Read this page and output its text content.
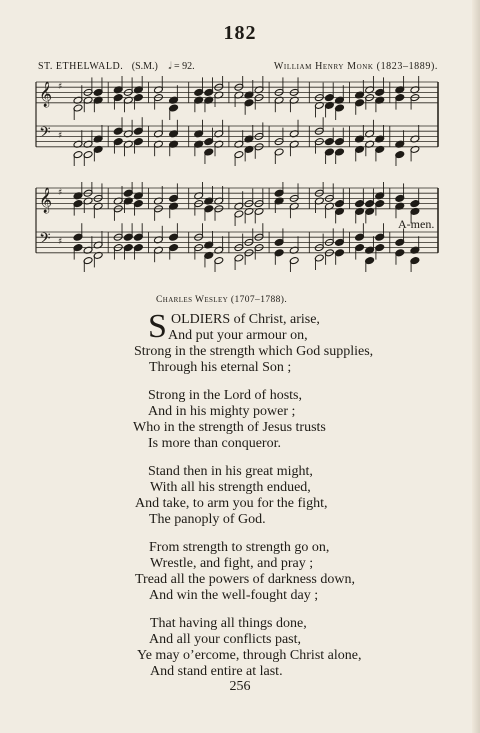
182
ST. ETHELWALD. (S.M.) 𝅗𝅥 = 92.	William Henry Monk (1823–1889).
𝄞
𝄢
♯
♯
𝄞
𝄢
♯
♯
A-men.
Charles Wesley (1707–1788).
S OLDIERS of Christ, arise,
And put your armour on,
Strong in the strength which God supplies,
Through his eternal Son ;
Strong in the Lord of hosts,
And in his mighty power ;
Who in the strength of Jesus trusts
Is more than conqueror.
Stand then in his great might,
With all his strength endued,
And take, to arm you for the fight,
The panoply of God.
From strength to strength go on,
Wrestle, and fight, and pray ;
Tread all the powers of darkness down,
And win the well-fought day ;
That having all things done,
And all your conflicts past,
Ye may o’ercome, through Christ alone,
And stand entire at last.
256
